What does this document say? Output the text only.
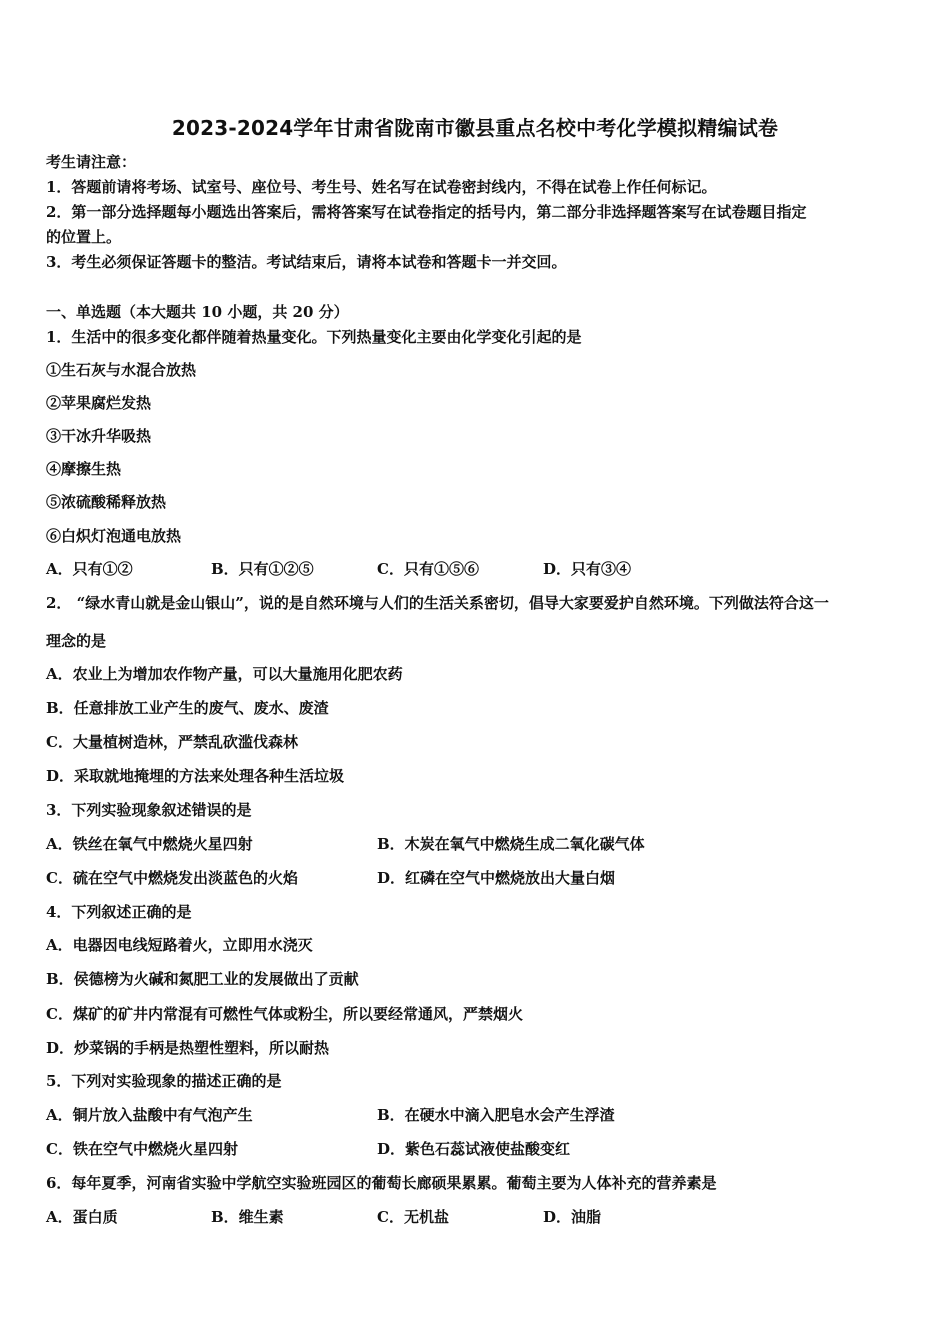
2023-2024学年甘肃省陇南市徽县重点名校中考化学模拟精编试卷
考生请注意：
1．答题前请将考场、试室号、座位号、考生号、姓名写在试卷密封线内，不得在试卷上作任何标记。
2．第一部分选择题每小题选出答案后，需将答案写在试卷指定的括号内，第二部分非选择题答案写在试卷题目指定
的位置上。
3．考生必须保证答题卡的整洁。考试结束后，请将本试卷和答题卡一并交回。
一、单选题（本大题共 10 小题，共 20 分）
1．生活中的很多变化都伴随着热量变化。下列热量变化主要由化学变化引起的是
①生石灰与水混合放热
②苹果腐烂发热
③干冰升华吸热
④摩擦生热
⑤浓硫酸稀释放热
⑥白炽灯泡通电放热
A．只有①②	B．只有①②⑤	C．只有①⑤⑥	D．只有③④
2． “绿水青山就是金山银山”，说的是自然环境与人们的生活关系密切，倡导大家要爱护自然环境。下列做法符合这一
理念的是
A．农业上为增加农作物产量，可以大量施用化肥农药
B．任意排放工业产生的废气、废水、废渣
C．大量植树造林，严禁乱砍滥伐森林
D．采取就地掩埋的方法来处理各种生活垃圾
3．下列实验现象叙述错误的是
A．铁丝在氧气中燃烧火星四射	B．木炭在氧气中燃烧生成二氧化碳气体
C．硫在空气中燃烧发出淡蓝色的火焰	D．红磷在空气中燃烧放出大量白烟
4．下列叙述正确的是
A．电器因电线短路着火，立即用水浇灭
B．侯德榜为火碱和氮肥工业的发展做出了贡献
C．煤矿的矿井内常混有可燃性气体或粉尘，所以要经常通风，严禁烟火
D．炒菜锅的手柄是热塑性塑料，所以耐热
5．下列对实验现象的描述正确的是
A．铜片放入盐酸中有气泡产生	B．在硬水中滴入肥皂水会产生浮渣
C．铁在空气中燃烧火星四射	D．紫色石蕊试液使盐酸变红
6．每年夏季，河南省实验中学航空实验班园区的葡萄长廊硕果累累。葡萄主要为人体补充的营养素是
A．蛋白质	B．维生素	C．无机盐	D．油脂
